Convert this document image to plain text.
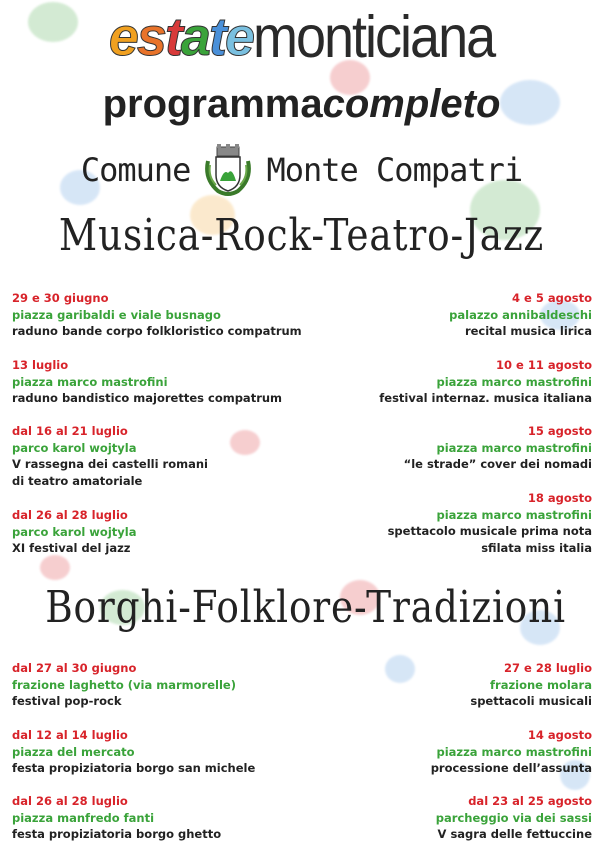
estatemonticiana
programmacompleto
Comune Monte Compatri
Musica-Rock-Teatro-Jazz
29 e 30 giugno
piazza garibaldi e viale busnago
raduno bande corpo folkloristico compatrum
13 luglio
piazza marco mastrofini
raduno bandistico majorettes compatrum
dal 16 al 21 luglio
parco karol wojtyla
V rassegna dei castelli romani
di teatro amatoriale
dal 26 al 28 luglio
parco karol wojtyla
XI festival del jazz
4 e 5 agosto
palazzo annibaldeschi
recital musica lirica
10 e 11 agosto
piazza marco mastrofini
festival internaz. musica italiana
15 agosto
piazza marco mastrofini
“le strade” cover dei nomadi
18 agosto
piazza marco mastrofini
spettacolo musicale prima nota
sfilata miss italia
Borghi-Folklore-Tradizioni
dal 27 al 30 giugno
frazione laghetto (via marmorelle)
festival pop-rock
dal 12 al 14 luglio
piazza del mercato
festa propiziatoria borgo san michele
dal 26 al 28 luglio
piazza manfredo fanti
festa propiziatoria borgo ghetto
27 e 28 luglio
frazione molara
spettacoli musicali
14 agosto
piazza marco mastrofini
processione dell’assunta
dal 23 al 25 agosto
parcheggio via dei sassi
V sagra delle fettuccine
